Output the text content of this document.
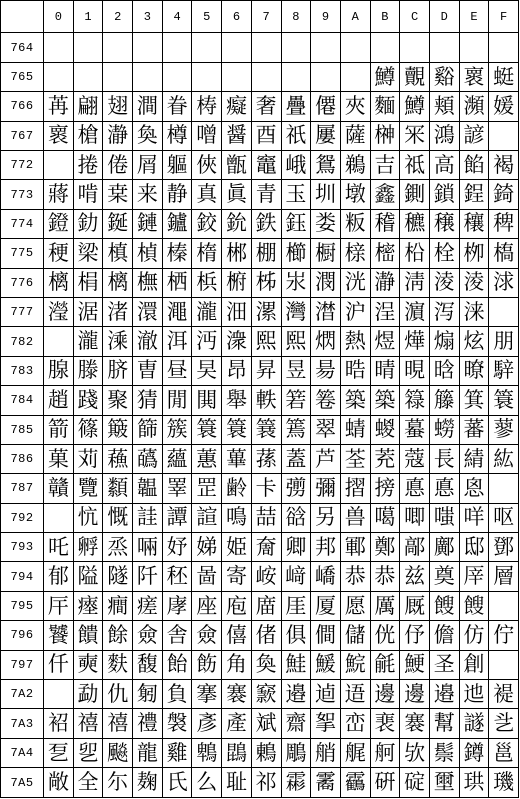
	0	1	2	3	4	5	6	7	8	9	A	B	C	D	E	F
764																
765												鱒	覿	谿	褱	蜓
766	苒	翩	翅	澗	眷	梼	癡	奢	疊	僊	夾	麵	鱒	頬	瀕	媛
767	褱	槍	瀞	奐	樽	噌	醤	酉	祇	屢	薩	榊	冞	鴻	諺	
772		捲	倦	屑	軀	俠	甑	竈	峨	鴛	鵜	吉	祗	高	餡	褐
773	蔣	啃	枽	来	静	真	眞	青	玉	圳	墩	鑫	鍘	鎖	鋥	錡
774	鐙	釛	鋋	鏈	鑪	鉸	鈗	鉄	鈺	娄	粄	稽	穮	穣	穰	稗
775	稉	梁	槙	楨	榛	楕	郴	棚	櫛	橱	榇	樒	柗	栓	栁	槗
776	樆	梋	樆	橅	栖	梹	椨	柹	汖	潣	洸	瀞	淸	淩	淩	浗
777	瀅	涺	渚	澴	澠	瀧	沺	漯	灣	澘	沪	浧	濵	泻	涞	
782		瀧	溗	澈	洱	沔	潨	熙	熙	熌	熱	煜	燁	煽	炫	朋
783	腺	滕	脐	曺	昼	旲	昂	昇	昱	昜	晧	晴	晛	晗	暸	騂
784	趙	踐	聚	猜	閒	閧	舉	軼	箬	箞	築	築	簶	籐	箕	簑
785	箭	篠	簸	篩	簇	簑	簑	簔	篶	翠	蜻	蝬	蟇	蟧	蕃	蓼
786	菓	苅	蘓	蘤	蘊	蕙	蓽	蓀	蓋	芦	荃	茺	蔻	長	綪	紘
787	贛	覽	纇	韞	睪	罡	齢	卡	彅	彌	摺	搒	悳	悳	恖	
792		忼	慨	詿	譚	諠	鳴	喆	谽	另	兽	噶	唧	嗤	咩	呕
793	吒	孵	烝	啢	妤	娣	姫	奝	卿	邦	鄆	鄭	鄗	鄺	邸	鄧
794	郁	隘	隧	阡	秠	啚	寄	峖	﨑	嶠	恭	恭	兹	奠	厗	層
795	厈	瘞	癎	瘥	庨	座	庖	庿	厓	厦	愿	厲	厩	餿	餿	
796	饕	饋	餘	僉	舎	僉	僖	偖	俱	僴	儲	侊	伃	儋	仿	佇
797	仟	奭	麩	馥	飴	飭	角	奐	鮭	鰀	鯇	毹	鯁	圣	創	
7A2		勐	仇	匑	負	搴	褰	窾	邉	逌	逜	邊	邊	邉	迆	褆
7A3	袑	禧	禧	禮	褩	彥	產	斌	齋	挐	峦	裵	褰	幫	譢	乧
7A4	乭	乮	飈	龍	雞	鵯	鵾	鶇	鵰	艄	艉	舸	欤	鬃	鐏	邕
7A5	敞	全	尓	麹	氏	么	耻	祁	霦	霱	靏	硏	碇	壐	珙	璣
